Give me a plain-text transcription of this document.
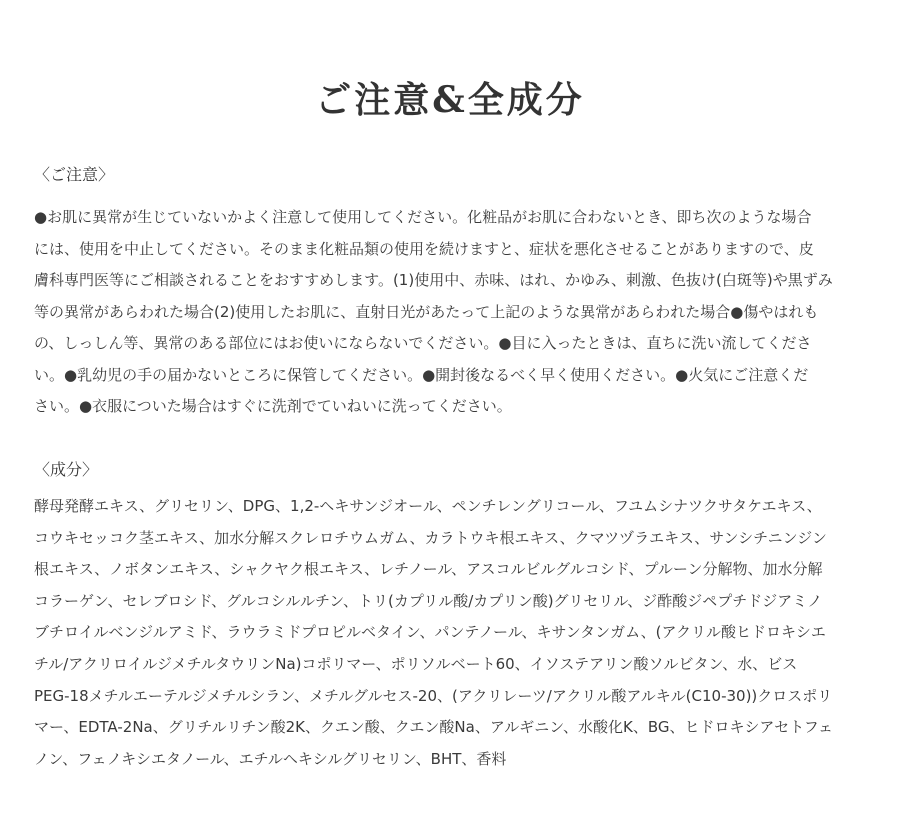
ご注意&全成分
〈ご注意〉

●お肌に異常が生じていないかよく注意して使用してください。化粧品がお肌に合わないとき、即ち次のような場合
には、使用を中止してください。そのまま化粧品類の使用を続けますと、症状を悪化させることがありますので、皮
膚科専門医等にご相談されることをおすすめします。(1)使用中、赤味、はれ、かゆみ、刺激、色抜け(白斑等)や黒ずみ
等の異常があらわれた場合(2)使用したお肌に、直射日光があたって上記のような異常があらわれた場合●傷やはれも
の、しっしん等、異常のある部位にはお使いにならないでください。●目に入ったときは、直ちに洗い流してくださ
い。●乳幼児の手の届かないところに保管してください。●開封後なるべく早く使用ください。●火気にご注意くだ
さい。●衣服についた場合はすぐに洗剤でていねいに洗ってください。

〈成分〉

酵母発酵エキス、グリセリン、DPG、1,2-ヘキサンジオール、ペンチレングリコール、フユムシナツクサタケエキス、
コウキセッコク茎エキス、加水分解スクレロチウムガム、カラトウキ根エキス、クマツヅラエキス、サンシチニンジン
根エキス、ノボタンエキス、シャクヤク根エキス、レチノール、アスコルビルグルコシド、プルーン分解物、加水分解
コラーゲン、セレブロシド、グルコシルルチン、トリ(カプリル酸/カプリン酸)グリセリル、ジ酢酸ジペプチドジアミノ
ブチロイルベンジルアミド、ラウラミドプロピルベタイン、パンテノール、キサンタンガム、(アクリル酸ヒドロキシエ
チル/アクリロイルジメチルタウリンNa)コポリマー、ポリソルベート60、イソステアリン酸ソルビタン、水、ビス
PEG-18メチルエーテルジメチルシラン、メチルグルセス-20、(アクリレーツ/アクリル酸アルキル(C10-30))クロスポリ
マー、EDTA-2Na、グリチルリチン酸2K、クエン酸、クエン酸Na、アルギニン、水酸化K、BG、ヒドロキシアセトフェ
ノン、フェノキシエタノール、エチルヘキシルグリセリン、BHT、香料
